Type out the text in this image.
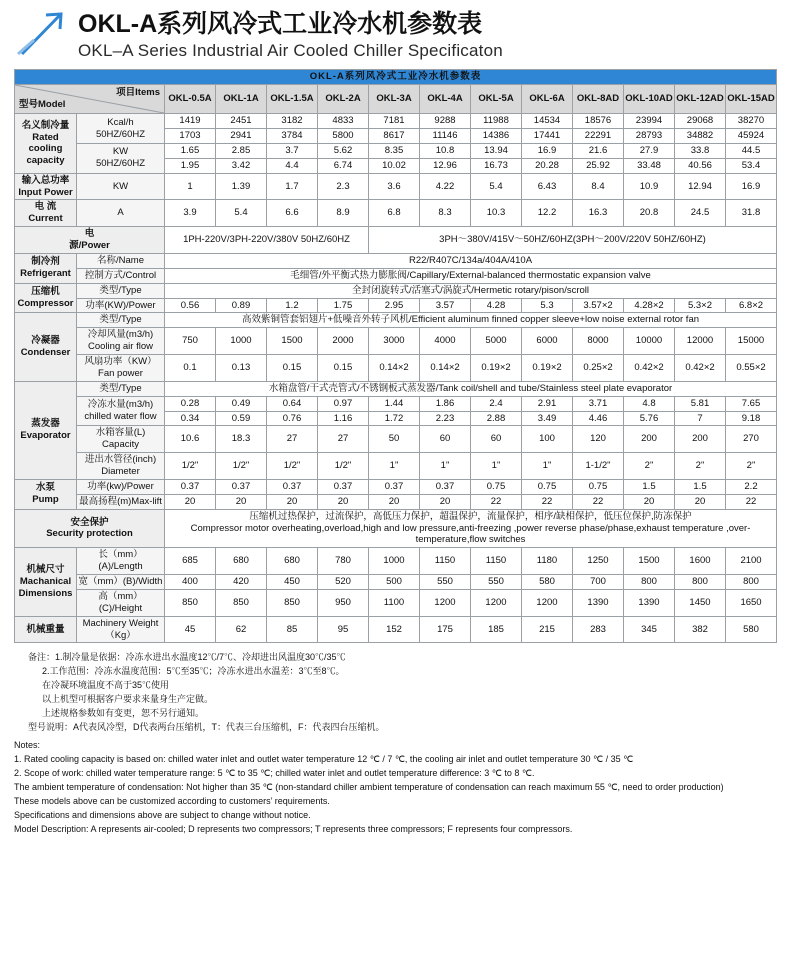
OKL-A系列风冷式工业冷水机参数表
OKL–A Series Industrial Air Cooled Chiller Specificaton
OKL-A系列风冷式工业冷水机参数表													

项目Items
型号Model		OKL-0.5A	OKL-1A	OKL-1.5A	OKL-2A	OKL-3A	OKL-4A	OKL-5A	OKL-6A	OKL-8AD	OKL-10AD	OKL-12AD	OKL-15AD

名义制冷量
Rated
cooling
capacity

Kcal/h
50HZ/60HZ
	1419	2451	3182	4833	7181	9288	11988	14534	18576	23994	29068	38270
		1703	2941	3784	5800	8617	11146	14386	17441	22291	28793	34882	45924

	KW
50HZ/60HZ	1.65	2.85	3.7	5.62	8.35	10.8	13.94	16.9	21.6	27.9	33.8	44.5
		1.95	3.42	4.4	6.74	10.02	12.96	16.73	20.28	25.92	33.48	40.56	53.4

输入总功率
Input Power	KW	1	1.39	1.7	2.3	3.6	4.22	5.4	6.43	8.4	10.9	12.94	16.9

电 流
Current	A	3.9	5.4	6.6	8.9	6.8	8.3	10.3	12.2	16.3	20.8	24.5	31.8

电
源/Power		1PH-220V/3PH-220V/380V 50HZ/60HZ				3PH～380V/415V～50HZ/60HZ(3PH～200V/220V 50HZ/60HZ)							

制冷剂
Refrigerant	名称/Name	R22/R407C/134a/404A/410A											
	控制方式/Control	毛细管/外平衡式热力膨胀阀/Capillary/External-balanced thermostatic expansion valve											

压缩机
Compressor	类型/Type	全封闭旋转式/活塞式/涡旋式/Hermetic rotary/pison/scroll											
	功率(KW)/Power	0.56	0.89	1.2	1.75	2.95	3.57	4.28	5.3	3.57×2	4.28×2	5.3×2	6.8×2

冷凝器
Condenser	类型/Type	高效紫铜管套铝翅片+低噪音外转子风机/Efficient aluminum finned copper sleeve+low noise external rotor fan											

	冷却风量(m3/h)
Cooling air flow	750	1000	1500	2000	3000	4000	5000	6000	8000	10000	12000	15000

	风扇功率（KW）
Fan power	0.1	0.13	0.15	0.15	0.14×2	0.14×2	0.19×2	0.19×2	0.25×2	0.42×2	0.42×2	0.55×2

蒸发器
Evaporator	类型/Type	水箱盘管/干式壳管式/不锈钢板式蒸发器/Tank coil/shell and tube/Stainless steel plate evaporator											

	冷冻水量(m3/h)
chilled water flow	0.28	0.49	0.64	0.97	1.44	1.86	2.4	2.91	3.71	4.8	5.81	7.65
		0.34	0.59	0.76	1.16	1.72	2.23	2.88	3.49	4.46	5.76	7	9.18

	水箱容量(L)
Capacity	10.6	18.3	27	27	50	60	60	100	120	200	200	270

	进出水管径(inch)
Diameter	1/2"	1/2"	1/2"	1/2"	1"	1"	1"	1"	1-1/2"	2"	2"	2"

水泵
Pump	功率(kw)/Power	0.37	0.37	0.37	0.37	0.37	0.37	0.75	0.75	0.75	1.5	1.5	2.2
	最高扬程(m)Max-lift	20	20	20	20	20	20	22	22	22	20	20	22

安全保护
Security protection

压缩机过热保护，过流保护，高低压力保护，超温保护，流量保护，相序/缺相保护，低压位保护,防冻保护
Compressor motor overheating,overload,high and low pressure,anti-freezing ,power reverse phase/phase,exhaust temperature ,over-temperature,flow switches

机械尺寸
Machanical
Dimensions	长（mm）(A)/Length	685	680	680	780	1000	1150	1150	1180	1250	1500	1600	2100
	宽（mm）(B)/Width	400	420	450	520	500	550	550	580	700	800	800	800
	高（mm）(C)/Height	850	850	850	950	1100	1200	1200	1200	1390	1390	1450	1650

机械重量	Machinery Weight
（Kg）	45	62	85	95	152	175	185	215	283	345	382	580

备注：1.制冷量是依据：冷冻水进出水温度12℃/7℃、冷却进出风温度30℃/35℃

2.工作范围：冷冻水温度范围：5℃至35℃；冷冻水进出水温差：3℃至8℃。

在冷凝环境温度不高于35℃使用

以上机型可根据客户要求来量身生产定做。

上述规格参数如有变更，恕不另行通知。

型号说明：A代表风冷型，D代表两台压缩机，T：代表三台压缩机，F：代表四台压缩机。

Notes:

1. Rated cooling capacity is based on: chilled water inlet and outlet water temperature 12 ℃ / 7 ℃, the cooling air inlet and outlet temperature 30 ℃ / 35 ℃

2. Scope of work: chilled water temperature range: 5 ℃ to 35 ℃; chilled water inlet and outlet temperature difference: 3 ℃ to 8 ℃.

The ambient temperature of condensation: Not higher than 35 ℃ (non-standard chiller ambient temperature of condensation can reach maximum 55 ℃, need to order production)

These models above can be customized according to customers’ requirements.

Specifications and dimensions above are subject to change without notice.

Model Description: A represents air-cooled; D represents two compressors; T represents three compressors; F represents four compressors.
